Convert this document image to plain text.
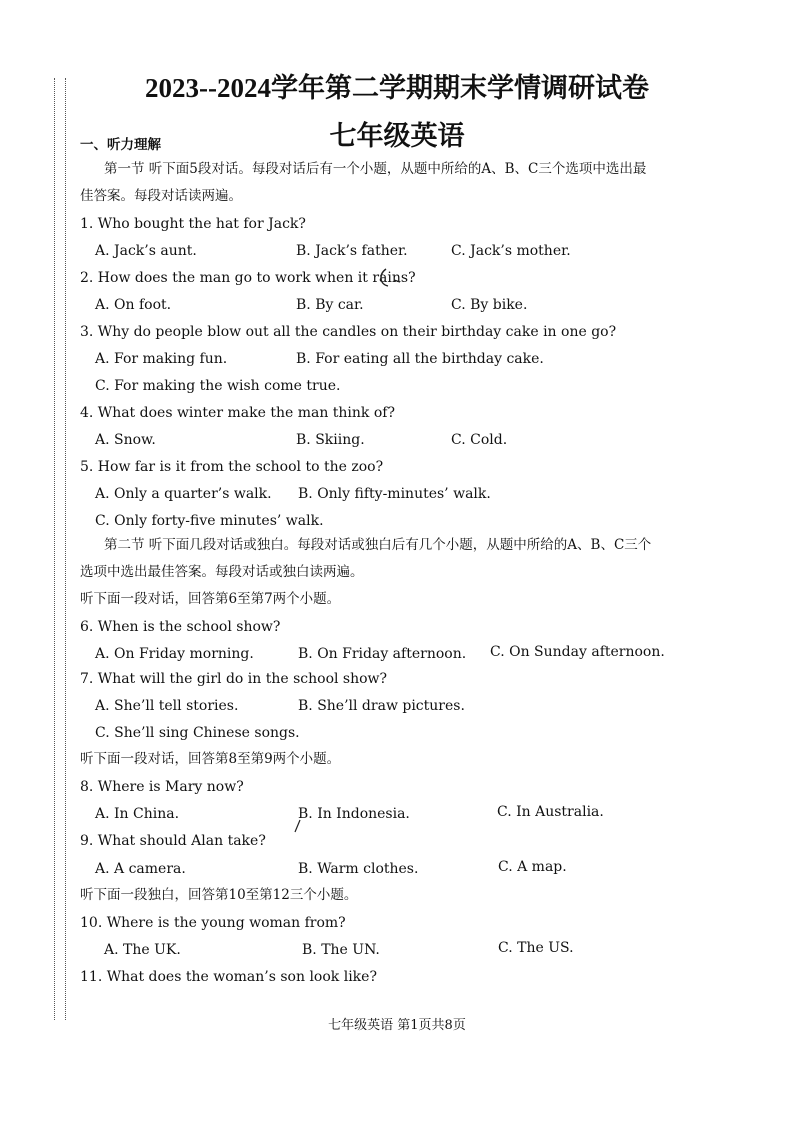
2023--2024学年第二学期期末学情调研试卷
七年级英语
一、听力理解
第一节 听下面5段对话。每段对话后有一个小题，从题中所给的A、B、C三个选项中选出最
佳答案。每段对话读两遍。
1. Who bought the hat for Jack?
A. Jack’s aunt.	B. Jack’s father.	C. Jack’s mother.
2. How does the man go to work when it rains?
A. On foot.	B. By car.	C. By bike.
3. Why do people blow out all the candles on their birthday cake in one go?
A. For making fun.	B. For eating all the birthday cake.
C. For making the wish come true.
4. What does winter make the man think of?
A. Snow.	B. Skiing.	C. Cold.
5. How far is it from the school to the zoo?
A. Only a quarter’s walk. B. Only fifty-minutes’ walk.
C. Only forty-five minutes’ walk.
第二节 听下面几段对话或独白。每段对话或独白后有几个小题，从题中所给的A、B、C三个
选项中选出最佳答案。每段对话或独白读两遍。
听下面一段对话，回答第6至第7两个小题。
6. When is the school show?
A. On Friday morning.	B. On Friday afternoon. C. On Sunday afternoon.
7. What will the girl do in the school show?
A. She’ll tell stories.	B. She’ll draw pictures.
C. She’ll sing Chinese songs.
听下面一段对话，回答第8至第9两个小题。
8. Where is Mary now?
A. In China.	B. In Indonesia.	C. In Australia.
9. What should Alan take?
A. A camera.	B. Warm clothes.	C. A map.
听下面一段独白，回答第10至第12三个小题。
10. Where is the young woman from?
A. The UK.	B. The UN.	C. The US.
11. What does the woman’s son look like?
七年级英语 第1页共8页
